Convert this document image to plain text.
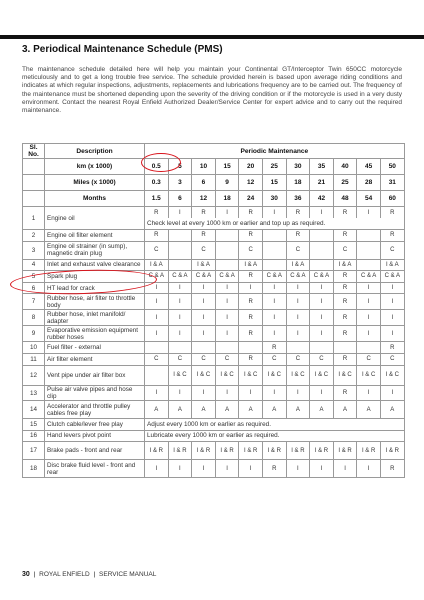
3. Periodical Maintenance Schedule (PMS)
The maintenance schedule detailed here will help you maintain your Continental GT/Interceptor Twin 650CC motorcycle meticulously and to get a long trouble free service. The schedule provided herein is based upon average riding conditions and indicates at which regular inspections, adjustments, replacements and lubrications frequency are to be carried out. The frequency of the maintenance must be shortened depending upon the severity of the driving condition or if the motorcycle is used in a very dusty environment. Contact the nearest Royal Enfield Authorized Dealer/Service Center for expert advice and to carry out the required maintenance.
Sl. No.	Description	Periodic Maintenance										
	km (x 1000)	0.5	5	10	15	20	25	30	35	40	45	50
	Miles (x 1000)	0.3	3	6	9	12	15	18	21	25	28	31
	Months	1.5	6	12	18	24	30	36	42	48	54	60
1	Engine oil	R	I	R	I	R	I	R	I	R	I	R
		Check level at every 1000 km or earlier and top up as required.										
2	Engine oil filter element	R		R		R		R		R		R
3	Engine oil strainer (in sump), magnetic drain plug	C		C		C		C		C		C
4	Inlet and exhaust valve clearance	I & A		I & A		I & A		I & A		I & A		I & A
5	Spark plug	C & A	C & A	C & A	C & A	R	C & A	C & A	C & A	R	C & A	C & A
6	HT lead for crack	I	I	I	I	I	I	I	I	R	I	I
7	Rubber hose, air filter to throttle body	I	I	I	I	R	I	I	I	R	I	I
8	Rubber hose, inlet manifold/ adapter	I	I	I	I	R	I	I	I	R	I	I
9	Evaporative emission equipment rubber hoses	I	I	I	I	R	I	I	I	R	I	I
10	Fuel filter - external						R					R
11	Air filter element	C	C	C	C	R	C	C	C	R	C	C
12	Vent pipe under air filter box		I & C	I & C	I & C	I & C	I & C	I & C	I & C	I & C	I & C	I & C
13	Pulse air valve pipes and hose clip	I	I	I	I	I	I	I	I	R	I	I
14	Accelerator and throttle pulley cables free play	A	A	A	A	A	A	A	A	A	A	A
15	Clutch cable/lever free play	Adjust every 1000 km or earlier as required.										
16	Hand levers pivot point	Lubricate every 1000 km or earlier as required.										
17	Brake pads - front and rear	I & R	I & R	I & R	I & R	I & R	I & R	I & R	I & R	I & R	I & R	I & R
18	Disc brake fluid level - front and rear	I	I	I	I	I	R	I	I	I	I	R
30 | ROYAL ENFIELD | SERVICE MANUAL
